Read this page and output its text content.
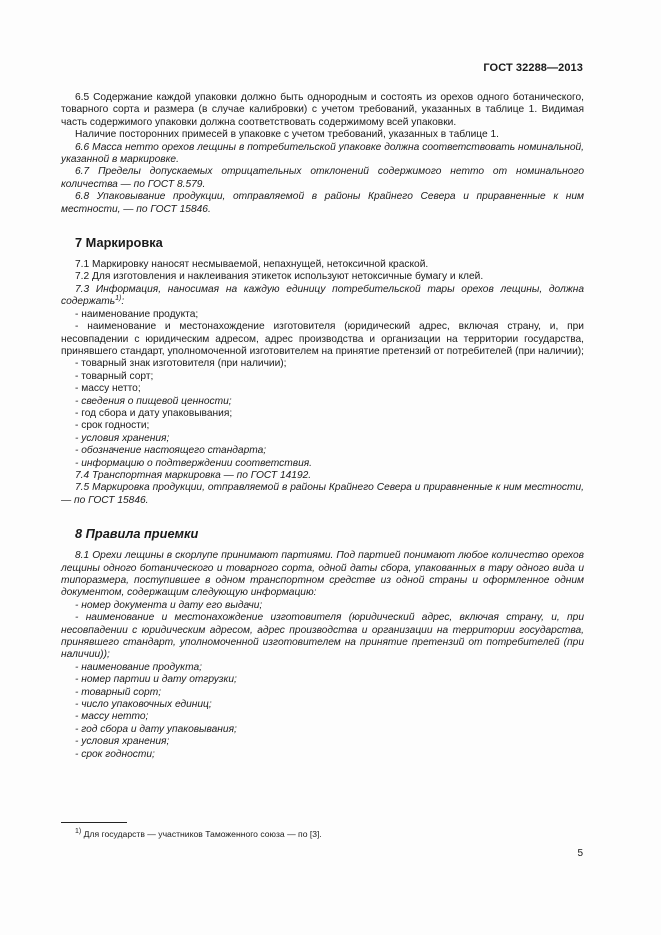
ГОСТ 32288—2013

6.5 Содержание каждой упаковки должно быть однородным и состоять из орехов одного ботанического, товарного сорта и размера (в случае калибровки) с учетом требований, указанных в таблице 1. Видимая часть содержимого упаковки должна соответствовать содержимому всей упаковки.

Наличие посторонних примесей в упаковке с учетом требований, указанных в таблице 1.

6.6 Масса нетто орехов лещины в потребительской упаковке должна соответствовать номинальной, указанной в маркировке.

6.7 Пределы допускаемых отрицательных отклонений содержимого нетто от номинального количества — по ГОСТ 8.579.

6.8 Упаковывание продукции, отправляемой в районы Крайнего Севера и приравненные к ним местности, — по ГОСТ 15846.

7 Маркировка

7.1 Маркировку наносят несмываемой, непахнущей, нетоксичной краской.

7.2 Для изготовления и наклеивания этикеток используют нетоксичные бумагу и клей.

7.3 Информация, наносимая на каждую единицу потребительской тары орехов лещины, должна содержать$^{1)}$:

- наименование продукта;

- наименование и местонахождение изготовителя (юридический адрес, включая страну, и, при несовпадении с юридическим адресом, адрес производства и организации на территории государства, принявшего стандарт, уполномоченной изготовителем на принятие претензий от потребителей (при наличии);

- товарный знак изготовителя (при наличии);

- товарный сорт;

- массу нетто;

- сведения о пищевой ценности;

- год сбора и дату упаковывания;

- срок годности;

- условия хранения;

- обозначение настоящего стандарта;

- информацию о подтверждении соответствия.

7.4 Транспортная маркировка — по ГОСТ 14192.

7.5 Маркировка продукции, отправляемой в районы Крайнего Севера и приравненные к ним местности, — по ГОСТ 15846.

8 Правила приемки

8.1 Орехи лещины в скорлупе принимают партиями. Под партией понимают любое количество орехов лещины одного ботанического и товарного сорта, одной даты сбора, упакованных в тару одного вида и типоразмера, поступившее в одном транспортном средстве из одной страны и оформленное одним документом, содержащим следующую информацию:

- номер документа и дату его выдачи;

- наименование и местонахождение изготовителя (юридический адрес, включая страну, и, при несовпадении с юридическим адресом, адрес производства и организации на территории государства, принявшего стандарт, уполномоченной изготовителем на принятие претензий от потребителей (при наличии));

- наименование продукта;

- номер партии и дату отгрузки;

- товарный сорт;

- число упаковочных единиц;

- массу нетто;

- год сбора и дату упаковывания;

- условия хранения;

- срок годности;

$^{1)}$ Для государств — участников Таможенного союза — по [3].
5
